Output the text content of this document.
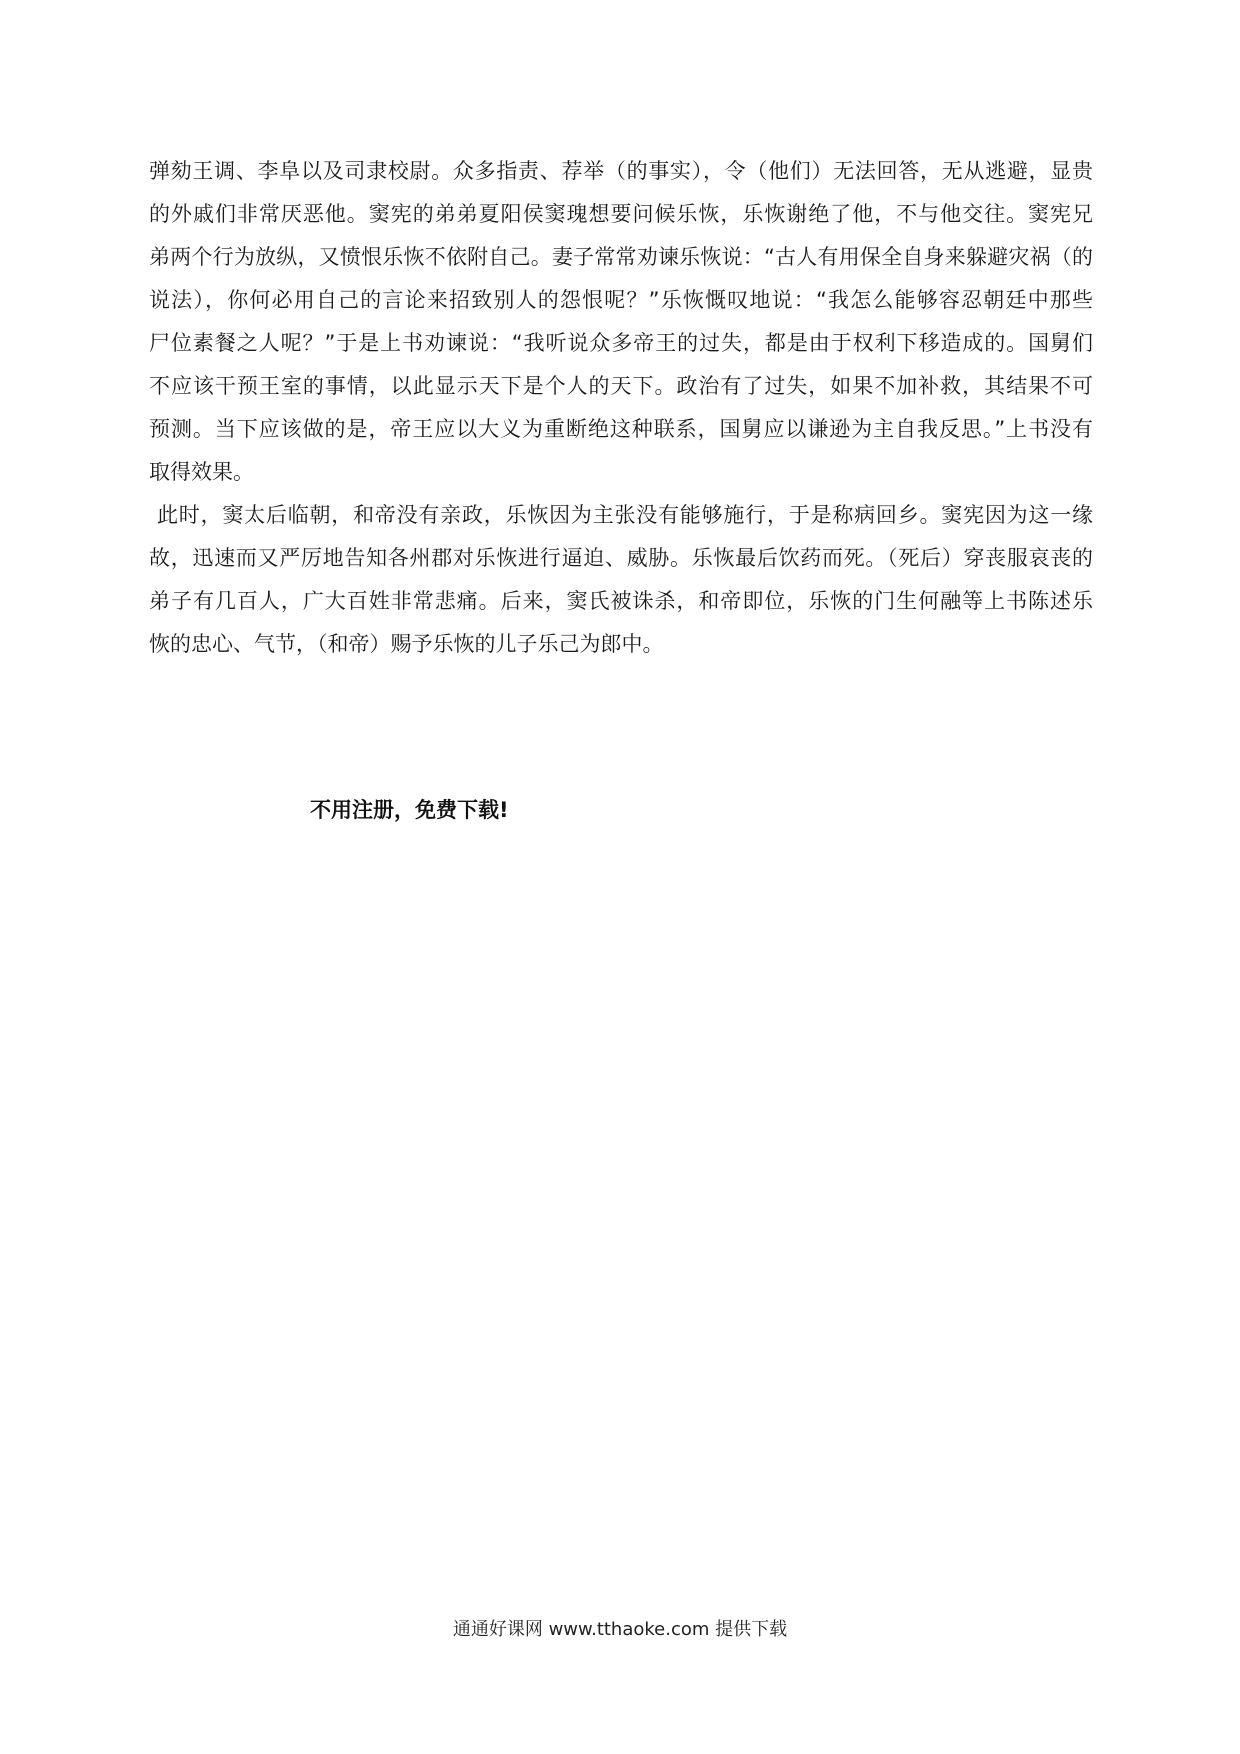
弹劾王调、李阜以及司隶校尉。众多指责、荐举（的事实），令（他们）无法回答，无从逃避，显贵
的外戚们非常厌恶他。窦宪的弟弟夏阳侯窦瑰想要问候乐恢，乐恢谢绝了他，不与他交往。窦宪兄
弟两个行为放纵，又愤恨乐恢不依附自己。妻子常常劝谏乐恢说：“古人有用保全自身来躲避灾祸（的
说法），你何必用自己的言论来招致别人的怨恨呢？”乐恢慨叹地说：“我怎么能够容忍朝廷中那些
尸位素餐之人呢？”于是上书劝谏说：“我听说众多帝王的过失，都是由于权利下移造成的。国舅们
不应该干预王室的事情，以此显示天下是个人的天下。政治有了过失，如果不加补救，其结果不可
预测。当下应该做的是，帝王应以大义为重断绝这种联系，国舅应以谦逊为主自我反思。”上书没有
取得效果。
此时，窦太后临朝，和帝没有亲政，乐恢因为主张没有能够施行，于是称病回乡。窦宪因为这一缘
故，迅速而又严厉地告知各州郡对乐恢进行逼迫、威胁。乐恢最后饮药而死。（死后）穿丧服哀丧的
弟子有几百人，广大百姓非常悲痛。后来，窦氏被诛杀，和帝即位，乐恢的门生何融等上书陈述乐
恢的忠心、气节，（和帝）赐予乐恢的儿子乐己为郎中。
不用注册，免费下载!
通通好课网 www.tthaoke.com 提供下载
